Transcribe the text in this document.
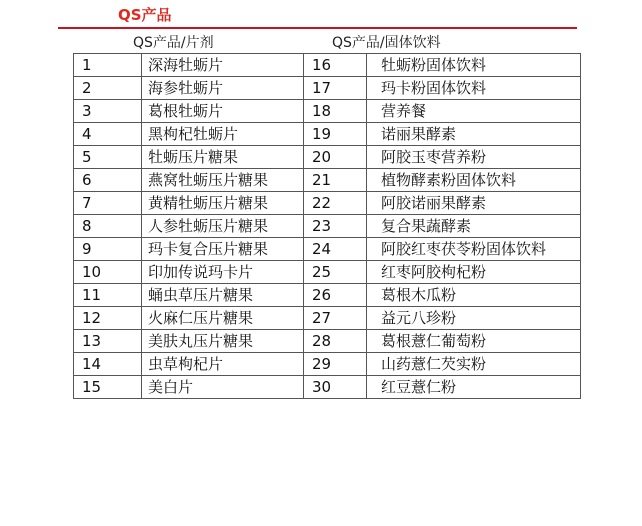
QS产品
QS产品/片剂	QS产品/固体饮料
1	深海牡蛎片	16	牡蛎粉固体饮料
2	海参牡蛎片	17	玛卡粉固体饮料
3	葛根牡蛎片	18	营养餐
4	黑枸杞牡蛎片	19	诺丽果酵素
5	牡蛎压片糖果	20	阿胶玉枣营养粉
6	燕窝牡蛎压片糖果	21	植物酵素粉固体饮料
7	黄精牡蛎压片糖果	22	阿胶诺丽果酵素
8	人参牡蛎压片糖果	23	复合果蔬酵素
9	玛卡复合压片糖果	24	阿胶红枣茯苓粉固体饮料
10	印加传说玛卡片	25	红枣阿胶枸杞粉
11	蛹虫草压片糖果	26	葛根木瓜粉
12	火麻仁压片糖果	27	益元八珍粉
13	美肤丸压片糖果	28	葛根薏仁葡萄粉
14	虫草枸杞片	29	山药薏仁芡实粉
15	美白片	30	红豆薏仁粉
